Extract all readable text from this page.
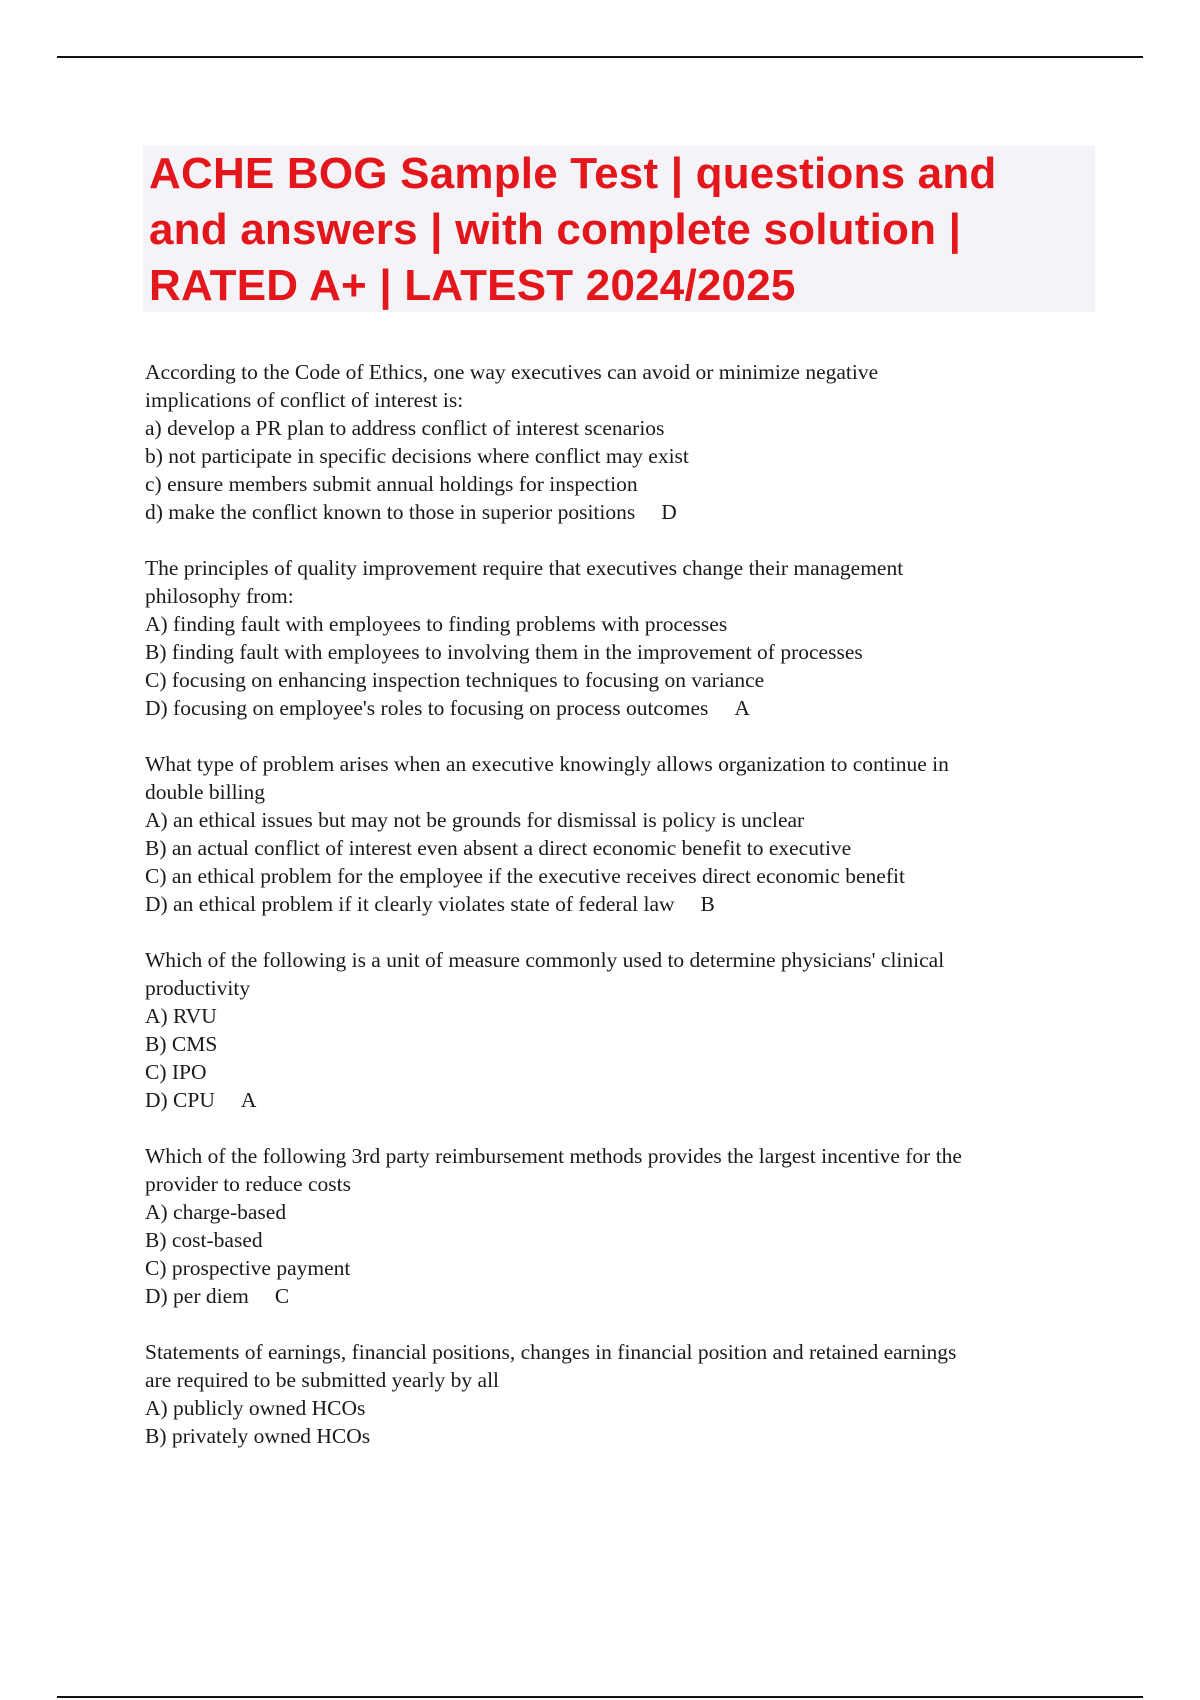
ACHE BOG Sample Test | questions and
and answers | with complete solution |
RATED A+ | LATEST 2024/2025
According to the Code of Ethics, one way executives can avoid or minimize negative
implications of conflict of interest is:
a) develop a PR plan to address conflict of interest scenarios
b) not participate in specific decisions where conflict may exist
c) ensure members submit annual holdings for inspection
d) make the conflict known to those in superior positions D
The principles of quality improvement require that executives change their management
philosophy from:
A) finding fault with employees to finding problems with processes
B) finding fault with employees to involving them in the improvement of processes
C) focusing on enhancing inspection techniques to focusing on variance
D) focusing on employee's roles to focusing on process outcomes A
What type of problem arises when an executive knowingly allows organization to continue in
double billing
A) an ethical issues but may not be grounds for dismissal is policy is unclear
B) an actual conflict of interest even absent a direct economic benefit to executive
C) an ethical problem for the employee if the executive receives direct economic benefit
D) an ethical problem if it clearly violates state of federal law B
Which of the following is a unit of measure commonly used to determine physicians' clinical
productivity
A) RVU
B) CMS
C) IPO
D) CPU A
Which of the following 3rd party reimbursement methods provides the largest incentive for the
provider to reduce costs
A) charge-based
B) cost-based
C) prospective payment
D) per diem C
Statements of earnings, financial positions, changes in financial position and retained earnings
are required to be submitted yearly by all
A) publicly owned HCOs
B) privately owned HCOs
